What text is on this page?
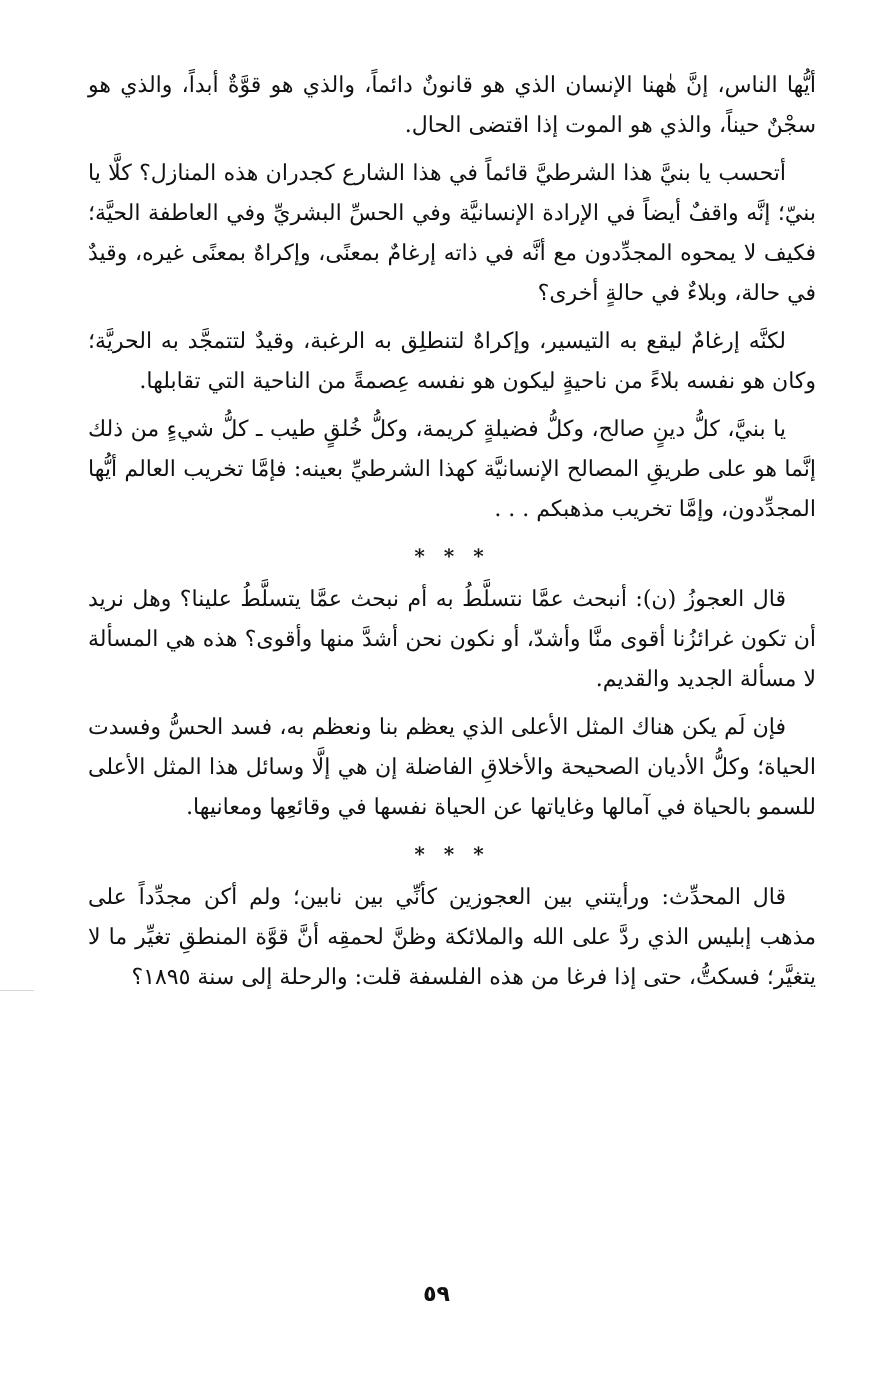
أيُّها الناس، إنَّ هٰهنا الإنسان الذي هو قانونٌ دائماً، والذي هو قوَّةٌ أبداً، والذي هو سجْنٌ حيناً، والذي هو الموت إذا اقتضى الحال.

أتحسب يا بنيَّ هذا الشرطيَّ قائماً في هذا الشارع كجدران هذه المنازل؟ كلَّا يا بنيّ؛ إنَّه واقفٌ أيضاً في الإرادة الإنسانيَّة وفي الحسِّ البشريِّ وفي العاطفة الحيَّة؛ فكيف لا يمحوه المجدِّدون مع أنَّه في ذاته إرغامٌ بمعنًى، وإكراهٌ بمعنًى غيره، وقيدٌ في حالة، وبلاءٌ في حالةٍ أخرى؟

لكنَّه إرغامٌ ليقع به التيسير، وإكراهٌ لتنطلِق به الرغبة، وقيدٌ لتتمجَّد به الحريَّة؛ وكان هو نفسه بلاءً من ناحيةٍ ليكون هو نفسه عِصمةً من الناحية التي تقابلها.

يا بنيَّ، كلُّ دينٍ صالح، وكلُّ فضيلةٍ كريمة، وكلُّ خُلقٍ طيب ـ كلُّ شيءٍ من ذلك إنَّما هو على طريقِ المصالح الإنسانيَّة كهذا الشرطيِّ بعينه: فإمَّا تخريب العالم أيُّها المجدِّدون، وإمَّا تخريب مذهبكم . . .

* * *

قال العجوزُ (ن): أنبحث عمَّا نتسلَّطُ به أم نبحث عمَّا يتسلَّطُ علينا؟ وهل نريد أن تكون غرائزُنا أقوى منَّا وأشدّ، أو نكون نحن أشدَّ منها وأقوى؟ هذه هي المسألة لا مسألة الجديد والقديم.

فإن لَم يكن هناك المثل الأعلى الذي يعظم بنا ونعظم به، فسد الحسُّ وفسدت الحياة؛ وكلُّ الأديان الصحيحة والأخلاقِ الفاضلة إن هي إلَّا وسائل هذا المثل الأعلى للسمو بالحياة في آمالها وغاياتها عن الحياة نفسها في وقائعِها ومعانيها.

* * *

قال المحدِّث: ورأيتني بين العجوزين كأنِّي بين نابين؛ ولم أكن مجدِّداً على مذهب إبليس الذي ردَّ على الله والملائكة وظنَّ لحمقِه أنَّ قوَّة المنطقِ تغيِّر ما لا يتغيَّر؛ فسكتُّ، حتى إذا فرغا من هذه الفلسفة قلت: والرحلة إلى سنة ١٨٩٥؟

٥٩
